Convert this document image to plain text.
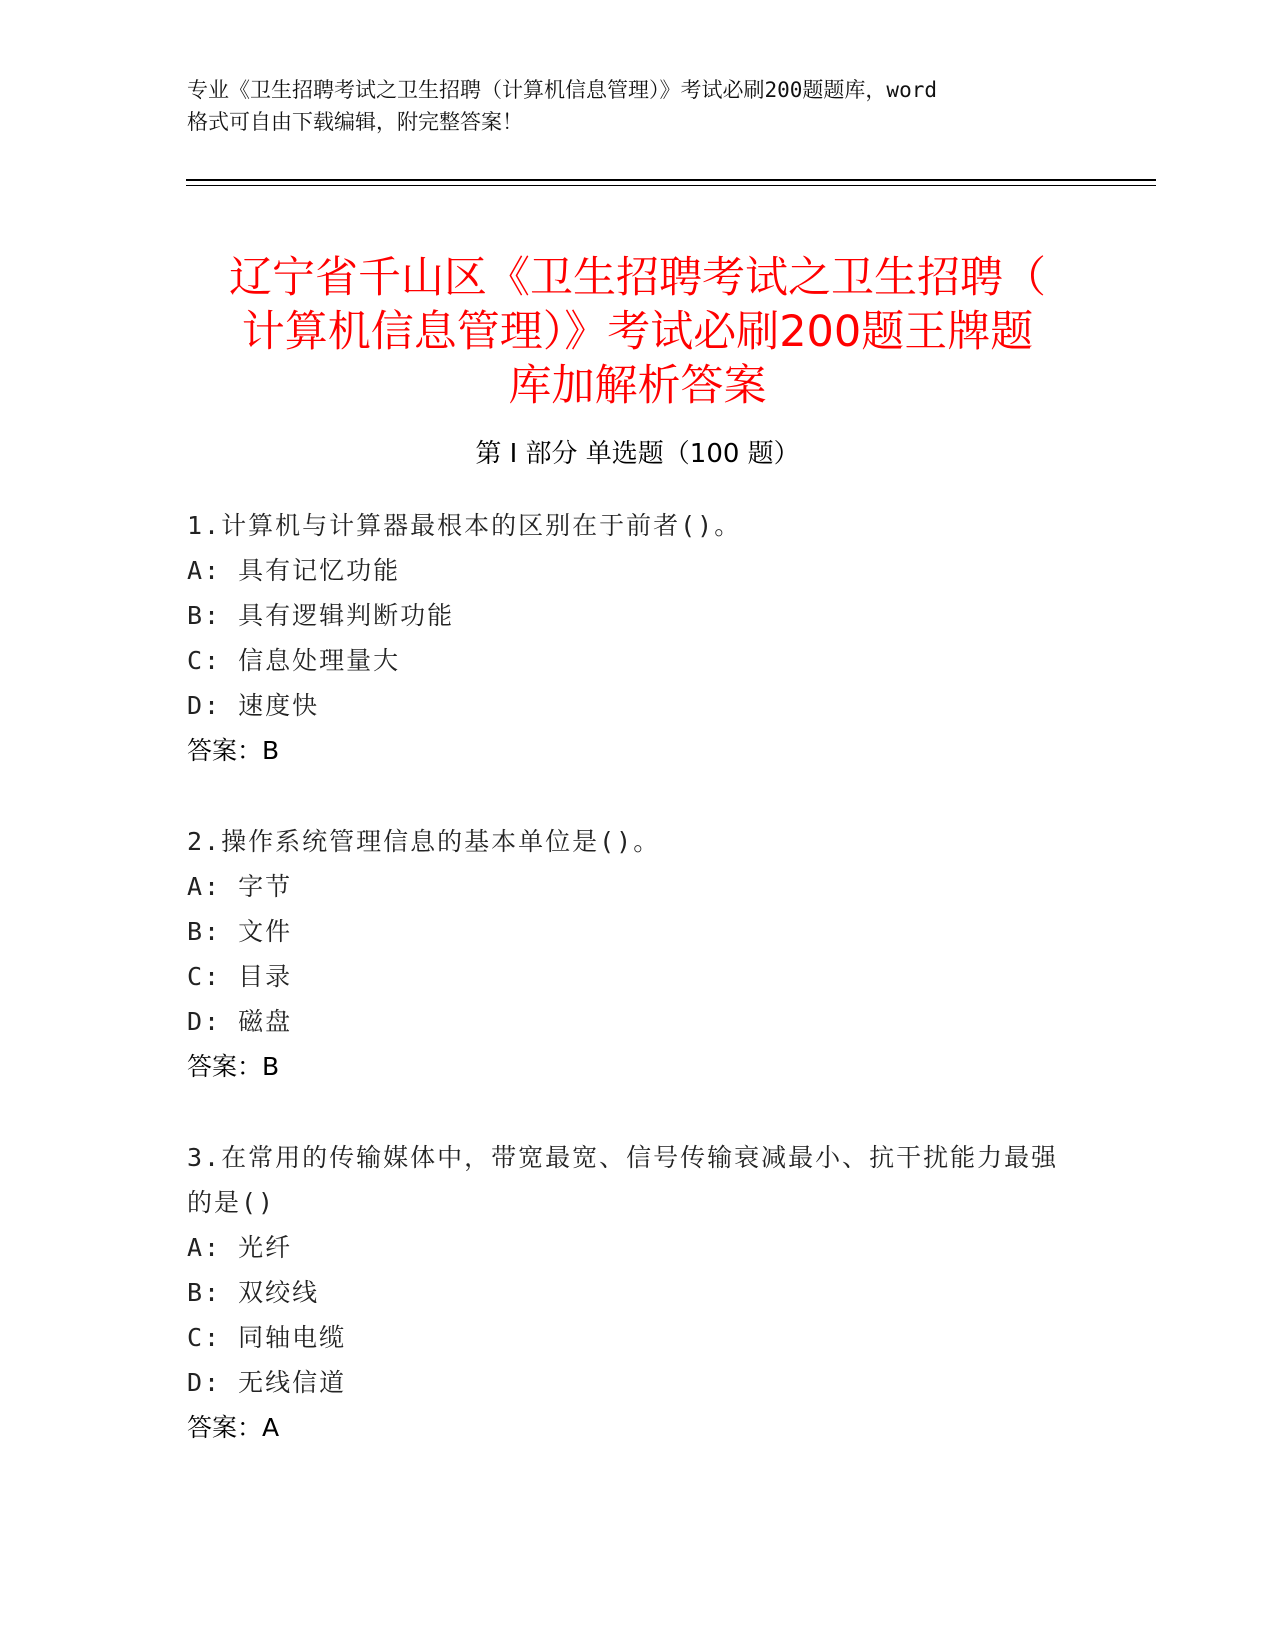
专业《卫生招聘考试之卫生招聘（计算机信息管理）》考试必刷200题题库，word
格式可自由下载编辑，附完整答案！
辽宁省千山区《卫生招聘考试之卫生招聘（
计算机信息管理）》考试必刷200题王牌题
库加解析答案
第 I 部分 单选题（100 题）
1.计算机与计算器最根本的区别在于前者()。
A: 具有记忆功能
B: 具有逻辑判断功能
C: 信息处理量大
D: 速度快
答案：B
2.操作系统管理信息的基本单位是()。
A: 字节
B: 文件
C: 目录
D: 磁盘
答案：B
3.在常用的传输媒体中，带宽最宽、信号传输衰减最小、抗干扰能力最强的是()
A: 光纤
B: 双绞线
C: 同轴电缆
D: 无线信道
答案：A
